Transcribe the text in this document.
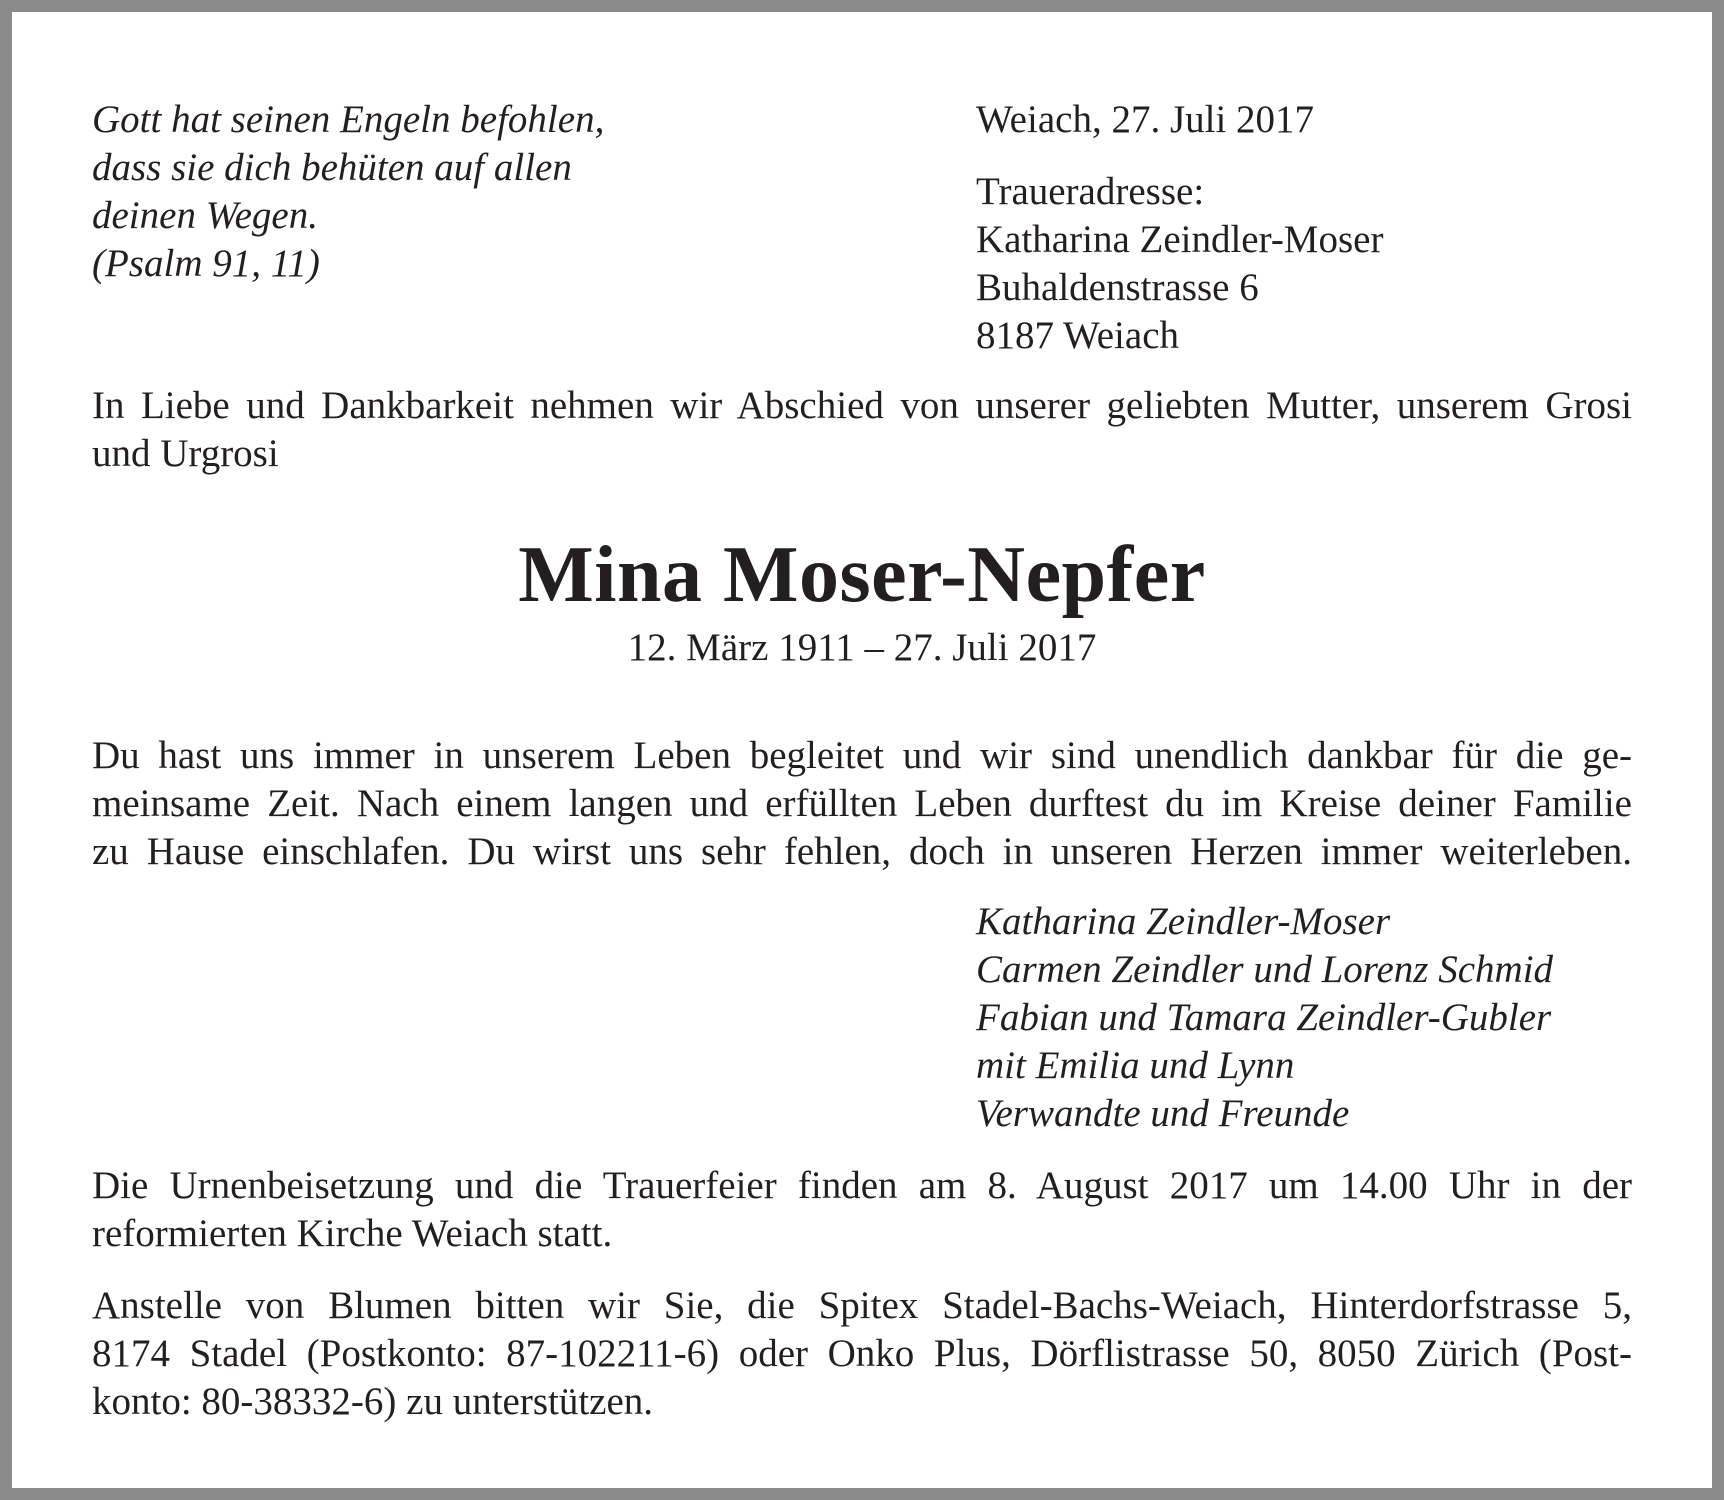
Gott hat seinen Engeln befohlen,
dass sie dich behüten auf allen
deinen Wegen.
(Psalm 91, 11)
Weiach, 27. Juli 2017
Traueradresse:
Katharina Zeindler-Moser
Buhaldenstrasse 6
8187 Weiach
In Liebe und Dankbarkeit nehmen wir Abschied von unserer geliebten Mutter, unserem Grosi
und Urgrosi
Mina Moser-Nepfer
12. März 1911 – 27. Juli 2017
Du hast uns immer in unserem Leben begleitet und wir sind unendlich dankbar für die ge-
meinsame Zeit. Nach einem langen und erfüllten Leben durftest du im Kreise deiner Familie
zu Hause einschlafen. Du wirst uns sehr fehlen, doch in unseren Herzen immer weiterleben.
Katharina Zeindler-Moser
Carmen Zeindler und Lorenz Schmid
Fabian und Tamara Zeindler-Gubler
mit Emilia und Lynn
Verwandte und Freunde
Die Urnenbeisetzung und die Trauerfeier finden am 8. August 2017 um 14.00 Uhr in der
reformierten Kirche Weiach statt.
Anstelle von Blumen bitten wir Sie, die Spitex Stadel-Bachs-Weiach, Hinterdorfstrasse 5,
8174 Stadel (Postkonto: 87-102211-6) oder Onko Plus, Dörflistrasse 50, 8050 Zürich (Post-
konto: 80-38332-6) zu unterstützen.
